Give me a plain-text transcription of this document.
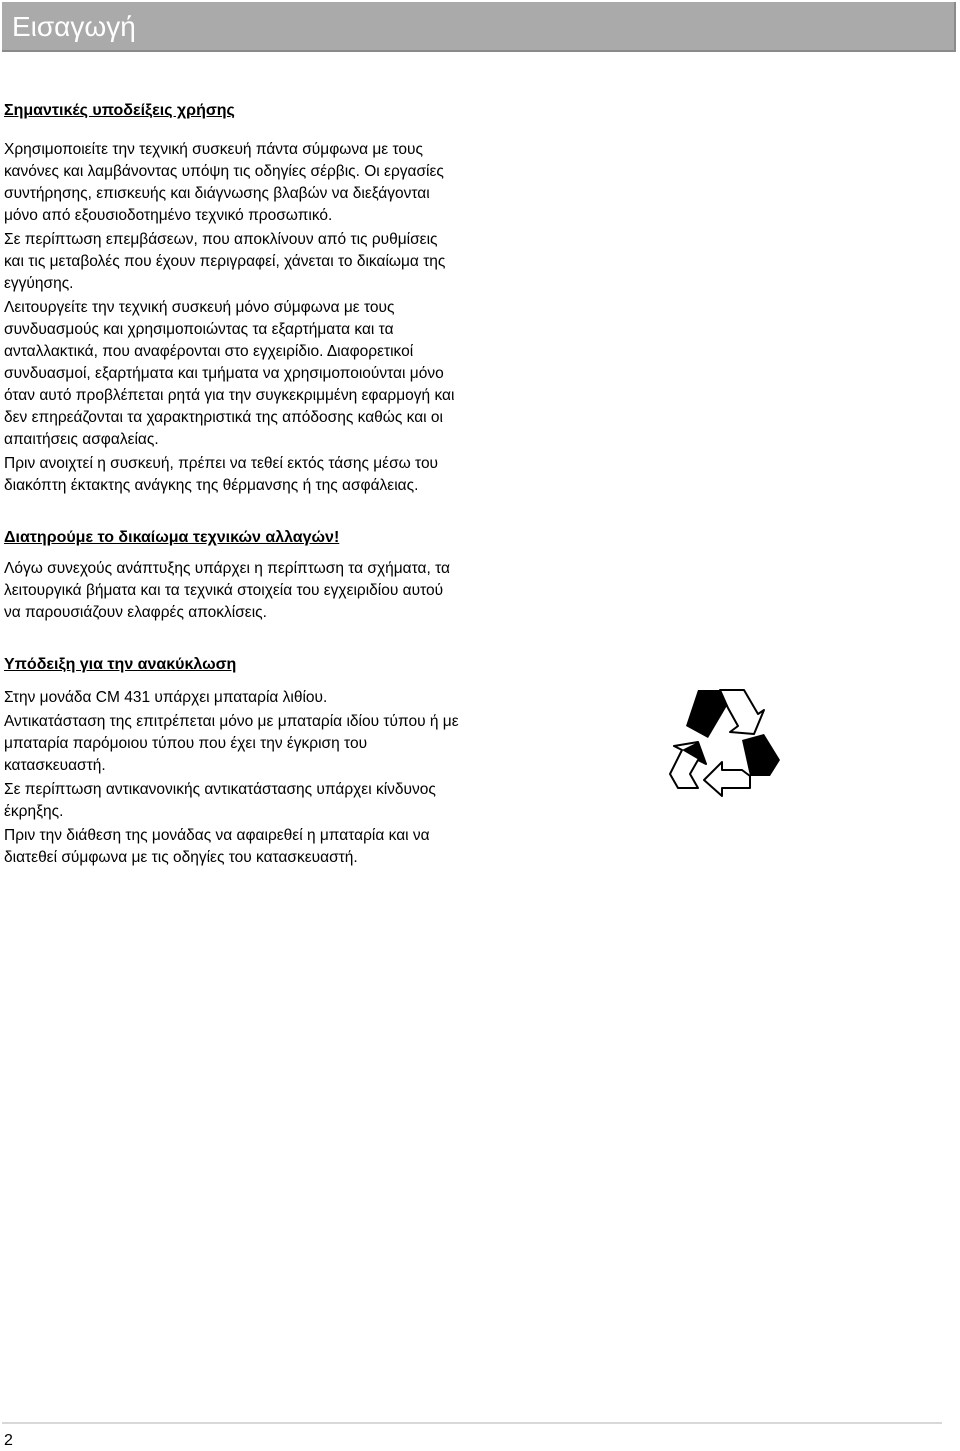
Εισαγωγή

Σημαντικές υποδείξεις χρήσης

Χρησιμοποιείτε την τεχνική συσκευή πάντα σύμφωνα με τους κανόνες και λαμβάνοντας υπόψη τις οδηγίες σέρβις. Οι εργασίες συντήρησης, επισκευής και διάγνωσης βλαβών να διεξάγονται μόνο από εξουσιοδοτημένο τεχνικό προσωπικό.

Σε περίπτωση επεμβάσεων, που αποκλίνουν από τις ρυθμίσεις και τις μεταβολές που έχουν περιγραφεί, χάνεται το δικαίωμα της εγγύησης.

Λειτουργείτε την τεχνική συσκευή μόνο σύμφωνα με τους συνδυασμούς και χρησιμοποιώντας τα εξαρτήματα και τα ανταλλακτικά, που αναφέρονται στο εγχειρίδιο. Διαφορετικοί συνδυασμοί, εξαρτήματα και τμήματα να χρησιμοποιούνται μόνο όταν αυτό προβλέπεται ρητά για την συγκεκριμμένη εφαρμογή και δεν επηρεάζονται τα χαρακτηριστικά της απόδοσης καθώς και οι απαιτήσεις ασφαλείας.

Πριν ανοιχτεί η συσκευή, πρέπει να τεθεί εκτός τάσης μέσω του διακόπτη έκτακτης ανάγκης της θέρμανσης ή της ασφάλειας.

Διατηρούμε το δικαίωμα τεχνικών αλλαγών!

Λόγω συνεχούς ανάπτυξης υπάρχει η περίπτωση τα σχήματα, τα λειτουργικά βήματα και τα τεχνικά στοιχεία του εγχειριδίου αυτού να παρουσιάζουν ελαφρές αποκλίσεις.

Υπόδειξη για την ανακύκλωση

Στην μονάδα CM 431 υπάρχει μπαταρία λιθίου.

Αντικατάσταση της επιτρέπεται μόνο με μπαταρία ιδίου τύπου ή με μπαταρία παρόμοιου τύπου που έχει την έγκριση του κατασκευαστή.

Σε περίπτωση αντικανονικής αντικατάστασης υπάρχει κίνδυνος έκρηξης.

Πριν την διάθεση της μονάδας να αφαιρεθεί η μπαταρία και να διατεθεί σύμφωνα με τις οδηγίες του κατασκευαστή.

2
